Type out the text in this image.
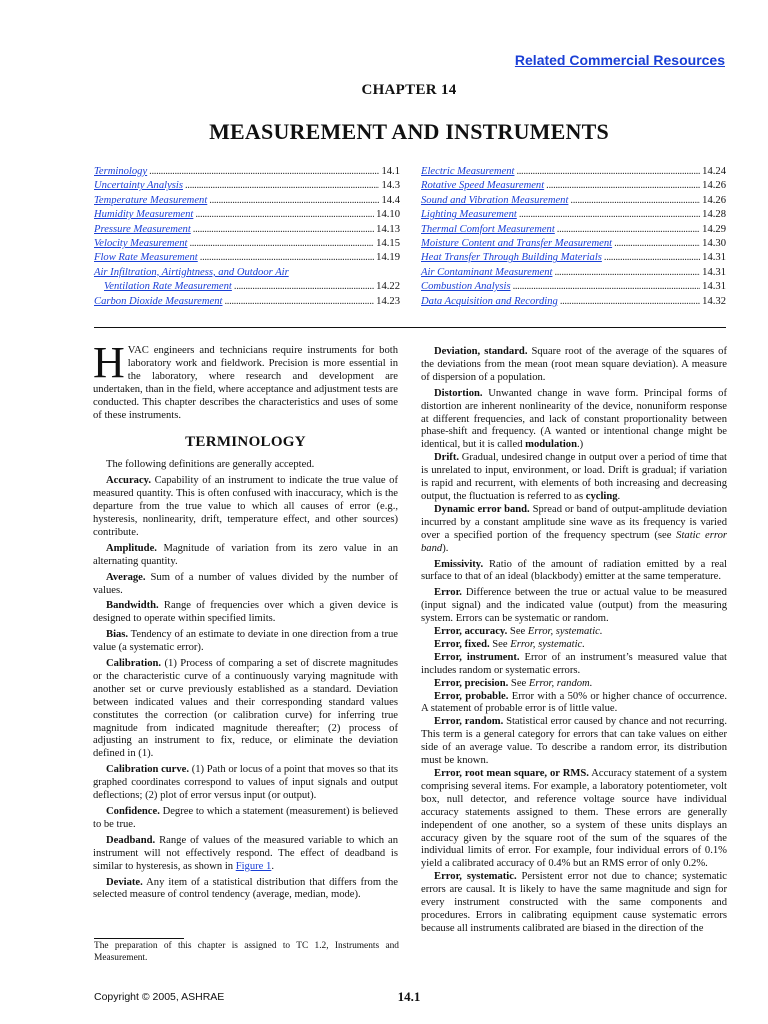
Related Commercial Resources
CHAPTER 14
MEASUREMENT AND INSTRUMENTS
Terminology . . .	14.1
Uncertainty Analysis . . .	14.3
Temperature Measurement . . .	14.4
Humidity Measurement . . .	14.10
Pressure Measurement . . .	14.13
Velocity Measurement . . .	14.15
Flow Rate Measurement . . .	14.19
Air Infiltration, Airtightness, and Outdoor Air
Ventilation Rate Measurement . . .	14.22
Carbon Dioxide Measurement . . .	14.23
Electric Measurement . . .	14.24
Rotative Speed Measurement . . .	14.26
Sound and Vibration Measurement . . .	14.26
Lighting Measurement . . .	14.28
Thermal Comfort Measurement . . .	14.29
Moisture Content and Transfer Measurement . . .	14.30
Heat Transfer Through Building Materials . . .	14.31
Air Contaminant Measurement . . .	14.31
Combustion Analysis . . .	14.31
Data Acquisition and Recording . . .	14.32

HVAC engineers and technicians require instruments for both laboratory work and fieldwork. Precision is more essential in the laboratory, where research and development are undertaken, than in the field, where acceptance and adjustment tests are conducted. This chapter describes the characteristics and uses of some of these instruments.

TERMINOLOGY

The following definitions are generally accepted.

Accuracy. Capability of an instrument to indicate the true value of measured quantity. This is often confused with inaccuracy, which is the departure from the true value to which all causes of error (e.g., hysteresis, nonlinearity, drift, temperature effect, and other sources) contribute.

Amplitude. Magnitude of variation from its zero value in an alternating quantity.

Average. Sum of a number of values divided by the number of values.

Bandwidth. Range of frequencies over which a given device is designed to operate within specified limits.

Bias. Tendency of an estimate to deviate in one direction from a true value (a systematic error).

Calibration. (1) Process of comparing a set of discrete magnitudes or the characteristic curve of a continuously varying magnitude with another set or curve previously established as a standard. Deviation between indicated values and their corresponding standard values constitutes the correction (or calibration curve) for inferring true magnitude from indicated magnitude thereafter; (2) process of adjusting an instrument to fix, reduce, or eliminate the deviation defined in (1).

Calibration curve. (1) Path or locus of a point that moves so that its graphed coordinates correspond to values of input signals and output deflections; (2) plot of error versus input (or output).

Confidence. Degree to which a statement (measurement) is believed to be true.

Deadband. Range of values of the measured variable to which an instrument will not effectively respond. The effect of deadband is similar to hysteresis, as shown in Figure 1.

Deviate. Any item of a statistical distribution that differs from the selected measure of control tendency (average, median, mode).

Deviation, standard. Square root of the average of the squares of the deviations from the mean (root mean square deviation). A measure of dispersion of a population.

Distortion. Unwanted change in wave form. Principal forms of distortion are inherent nonlinearity of the device, nonuniform response at different frequencies, and lack of constant proportionality between phase-shift and frequency. (A wanted or intentional change might be identical, but it is called modulation.)

Drift. Gradual, undesired change in output over a period of time that is unrelated to input, environment, or load. Drift is gradual; if variation is rapid and recurrent, with elements of both increasing and decreasing output, the fluctuation is referred to as cycling.

Dynamic error band. Spread or band of output-amplitude deviation incurred by a constant amplitude sine wave as its frequency is varied over a specified portion of the frequency spectrum (see Static error band).

Emissivity. Ratio of the amount of radiation emitted by a real surface to that of an ideal (blackbody) emitter at the same temperature.

Error. Difference between the true or actual value to be measured (input signal) and the indicated value (output) from the measuring system. Errors can be systematic or random.

Error, accuracy. See Error, systematic.

Error, fixed. See Error, systematic.

Error, instrument. Error of an instrument’s measured value that includes random or systematic errors.

Error, precision. See Error, random.

Error, probable. Error with a 50% or higher chance of occurrence. A statement of probable error is of little value.

Error, random. Statistical error caused by chance and not recurring. This term is a general category for errors that can take values on either side of an average value. To describe a random error, its distribution must be known.

Error, root mean square, or RMS. Accuracy statement of a system comprising several items. For example, a laboratory potentiometer, volt box, null detector, and reference voltage source have individual accuracy statements assigned to them. These errors are generally independent of one another, so a system of these units displays an accuracy given by the square root of the sum of the squares of the individual limits of error. For example, four individual errors of 0.1% yield a calibrated accuracy of 0.4% but an RMS error of only 0.2%.

Error, systematic. Persistent error not due to chance; systematic errors are causal. It is likely to have the same magnitude and sign for every instrument constructed with the same components and procedures. Errors in calibrating equipment cause systematic errors because all instruments calibrated are biased in the direction of the

The preparation of this chapter is assigned to TC 1.2, Instruments and Measurement.
Copyright © 2005, ASHRAE	14.1
